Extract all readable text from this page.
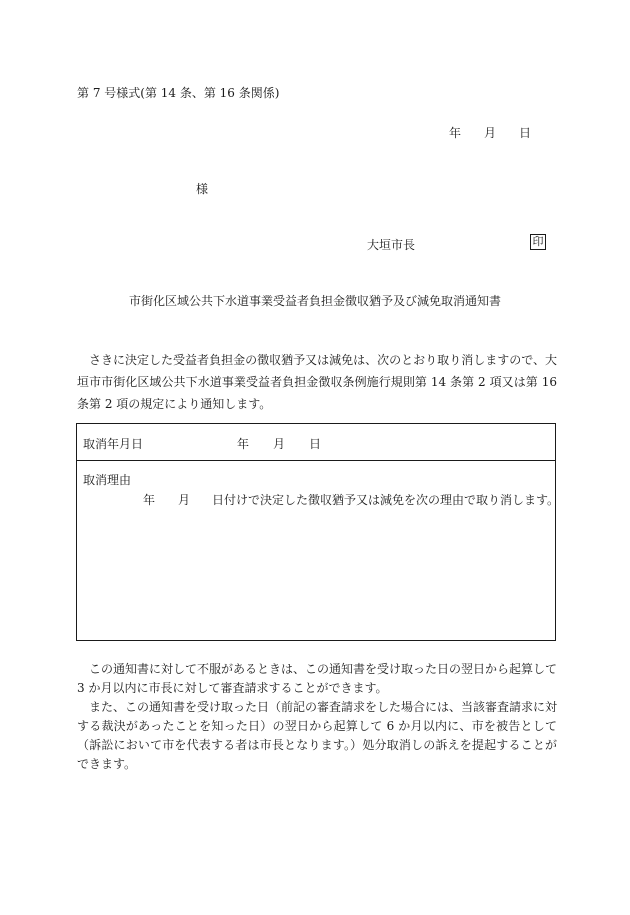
第 7 号様式(第 14 条、第 16 条関係)
年 月 日
様
大垣市長	印
市街化区域公共下水道事業受益者負担金徴収猶予及び減免取消通知書
さきに決定した受益者負担金の徴収猶予又は減免は、次のとおり取り消しますので、大垣市市街化区域公共下水道事業受益者負担金徴収条例施行規則第 14 条第 2 項又は第 16 条第 2 項の規定により通知します。
取消年月日	年 月 日
取消理由
年 月 日付けで決定した徴収猶予又は減免を次の理由で取り消します。
この通知書に対して不服があるときは、この通知書を受け取った日の翌日から起算して 3 か月以内に市長に対して審査請求することができます。
また、この通知書を受け取った日（前記の審査請求をした場合には、当該審査請求に対する裁決があったことを知った日）の翌日から起算して 6 か月以内に、市を被告として（訴訟において市を代表する者は市長となります。）処分取消しの訴えを提起することができます。
